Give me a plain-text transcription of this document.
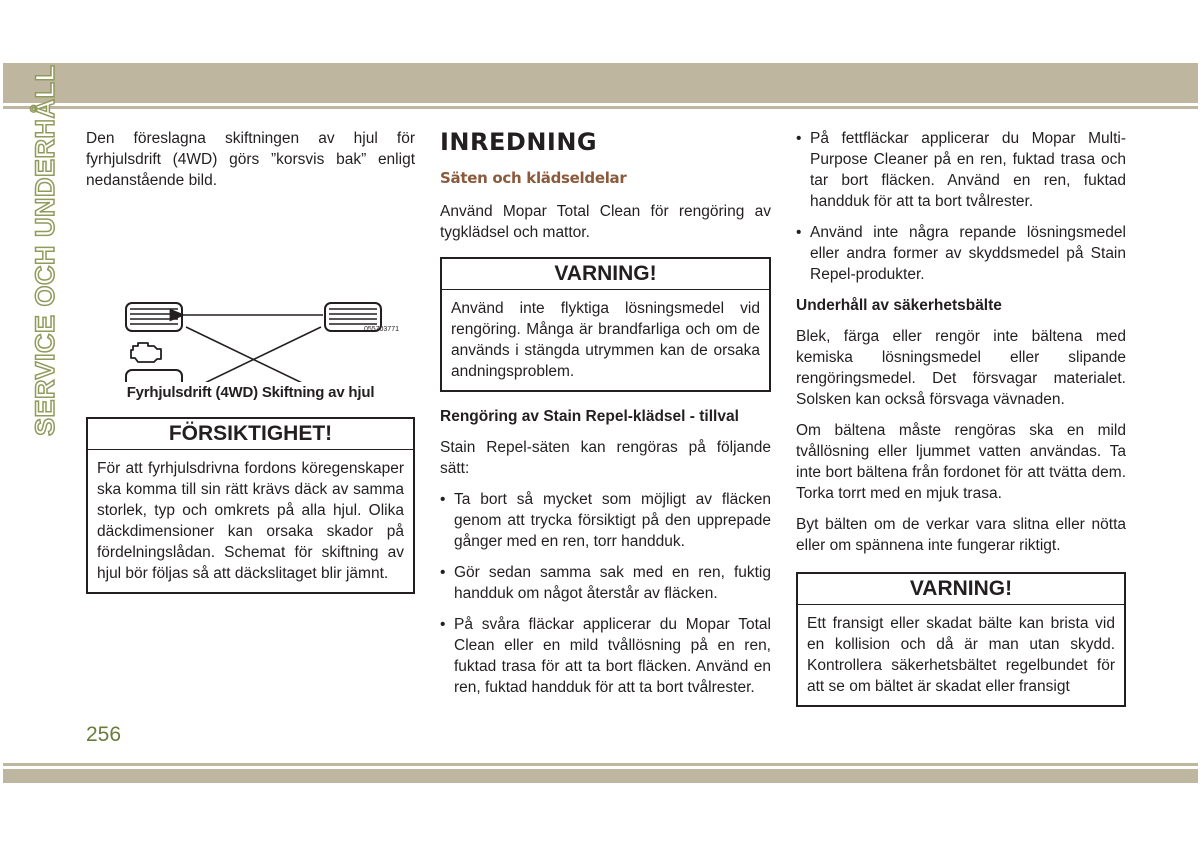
SERVICE OCH UNDERHÅLL Den föreslagna skiftningen av hjul för fyrhjulsdrift (4WD) görs ”korsvis bak” enligt nedanstående bild.

055703771
Fyrhjulsdrift (4WD) Skiftning av hjul
FÖRSIKTIGHET!
För att fyrhjulsdrivna fordons köregenskaper ska komma till sin rätt krävs däck av samma storlek, typ och omkrets på alla hjul. Olika däckdimensioner kan orsaka skador på fördelningslådan. Schemat för skiftning av hjul bör följas så att däckslitaget blir jämnt.
INREDNING
Säten och klädseldelar

Använd Mopar Total Clean för rengöring av tygklädsel och mattor.

VARNING!
Använd inte flyktiga lösningsmedel vid rengöring. Många är brandfarliga och om de används i stängda utrymmen kan de orsaka andningsproblem.
Rengöring av Stain Repel-klädsel - tillval

Stain Repel-säten kan rengöras på följande sätt:

• Ta bort så mycket som möjligt av fläcken genom att trycka försiktigt på den upprepade gånger med en ren, torr handduk.
• Gör sedan samma sak med en ren, fuktig handduk om något återstår av fläcken.
• På svåra fläckar applicerar du Mopar Total Clean eller en mild tvållösning på en ren, fuktad trasa för att ta bort fläcken. Använd en ren, fuktad handduk för att ta bort tvålrester.
• På fettfläckar applicerar du Mopar Multi-Purpose Cleaner på en ren, fuktad trasa och tar bort fläcken. Använd en ren, fuktad handduk för att ta bort tvålrester.
• Använd inte några repande lösningsmedel eller andra former av skyddsmedel på Stain Repel-produkter.
Underhåll av säkerhetsbälte

Blek, färga eller rengör inte bältena med kemiska lösningsmedel eller slipande rengöringsmedel. Det försvagar materialet. Solsken kan också försvaga vävnaden.

Om bältena måste rengöras ska en mild tvållösning eller ljummet vatten användas. Ta inte bort bältena från fordonet för att tvätta dem. Torka torrt med en mjuk trasa.

Byt bälten om de verkar vara slitna eller nötta eller om spännena inte fungerar riktigt.

VARNING!
Ett fransigt eller skadat bälte kan brista vid en kollision och då är man utan skydd. Kontrollera säkerhetsbältet regelbundet för att se om bältet är skadat eller fransigt
256
